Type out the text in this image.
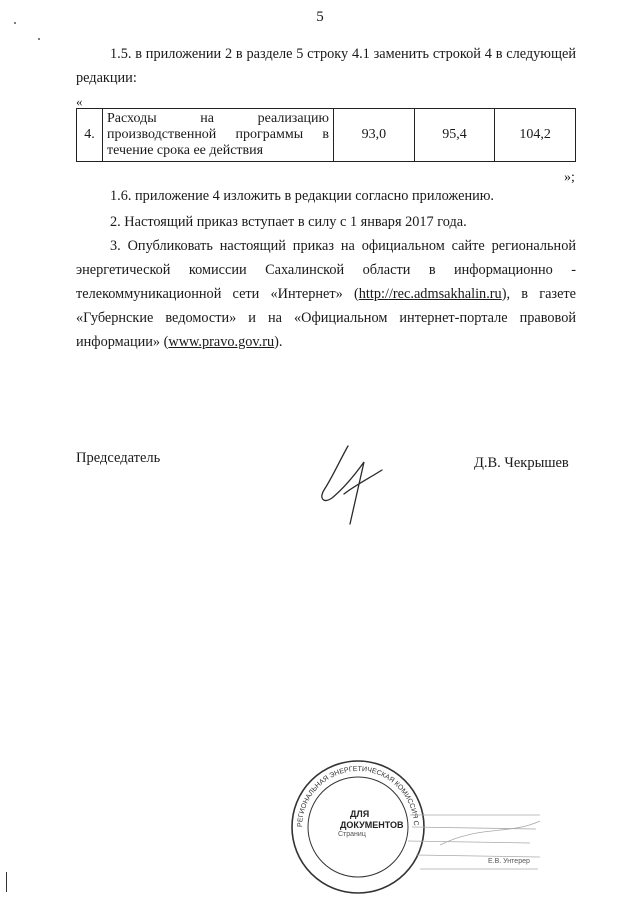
5
1.5. в приложении 2 в разделе 5 строку 4.1 заменить строкой 4 в следующей редакции:
«
4.	Расходы на реализацию производственной программы в течение срока ее действия	93,0	95,4	104,2
»;
1.6. приложение 4 изложить в редакции согласно приложению.
2. Настоящий приказ вступает в силу с 1 января 2017 года.
3. Опубликовать настоящий приказ на официальном сайте региональной энергетической комиссии Сахалинской области в информационно - телекоммуникационной сети «Интернет» (http://rec.admsakhalin.ru), в газете «Губернские ведомости» и на «Официальном интернет-портале правовой информации» (www.pravo.gov.ru).
Председатель	Д.В. Чекрышев
РЕГИОНАЛЬНАЯ ЭНЕРГЕТИЧЕСКАЯ КОМИССИЯ С
ДЛЯ
ДОКУМЕНТОВ
Страниц
Е.В. Унтерер
